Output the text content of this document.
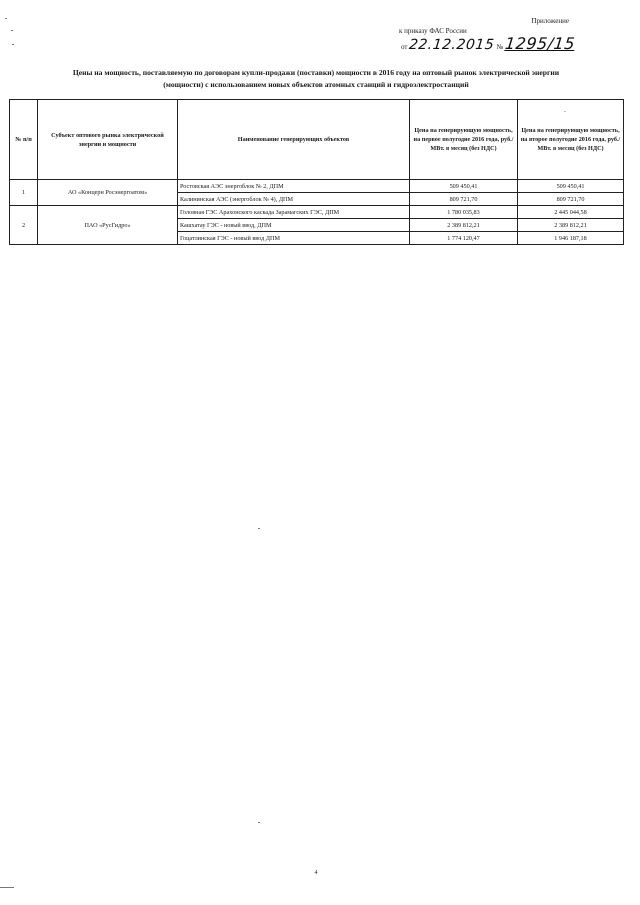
Приложение
к приказу ФАС России
от 22.12.2015 № 1295/15
Цены на мощность, поставляемую по договорам купли-продажи (поставки) мощности в 2016 году на оптовый рынок электрической энергии
(мощности) с использованием новых объектов атомных станций и гидроэлектростанций
.
№ п/п	Субъект оптового рынка электрической энергии и мощности	Наименование генерирующих объектов	Цена на генерирующую мощность, на первое полугодие 2016 года, руб./МВт. в месяц (без НДС)	Цена на генерирующую мощность, на второе полугодие 2016 года, руб./МВт. в месяц (без НДС)
1	АО «Концерн Росэнергоатом»	Ростовская АЭС энергоблок № 2, ДПМ	509 450,41	509 450,41
		Калининская АЭС (энергоблок № 4), ДПМ	809 721,70	809 721,70
2	ПАО «РусГидро»	Головная ГЭС Арахонского каскада Зарамагских ГЭС, ДПМ	1 780 035,83	2 445 044,58
		Кашхатау ГЭС - новый ввод, ДПМ	2 389 812,21	2 389 812,21
		Гоцатлинская ГЭС - новый ввод ДПМ	1 774 120,47	1 946 187,18
4
